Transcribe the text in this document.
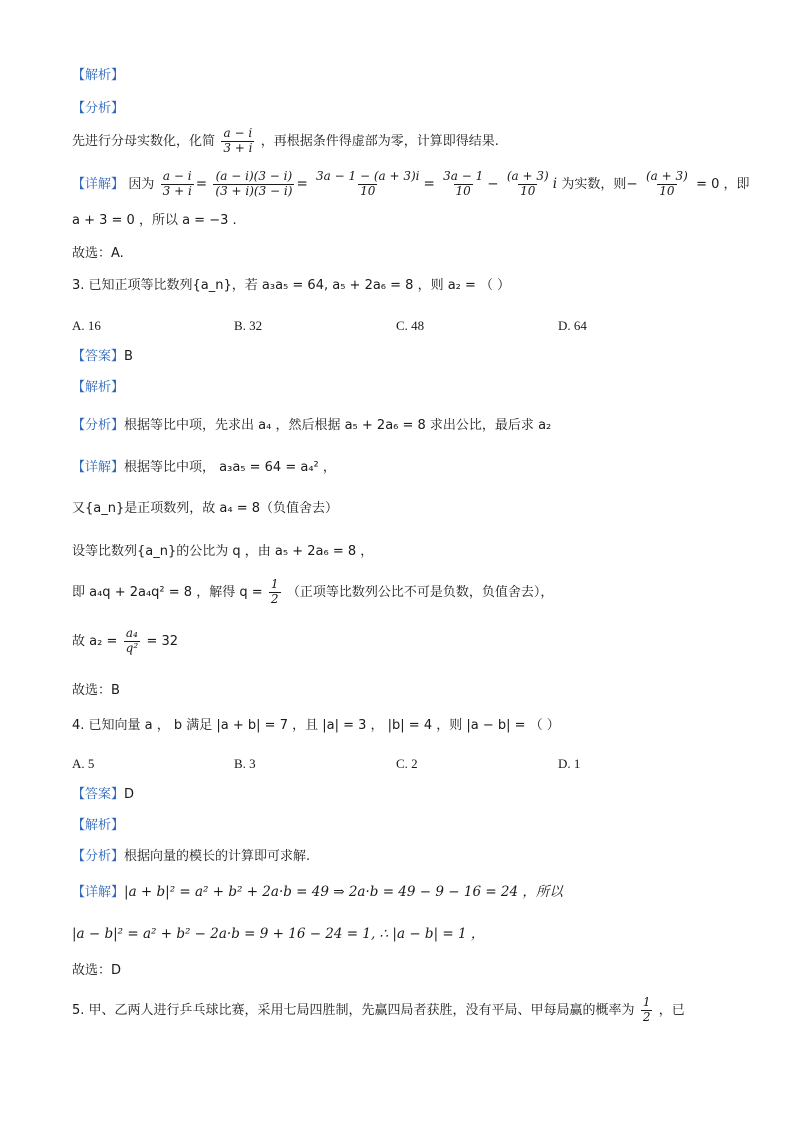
【解析】
【分析】
先进行分母实数化，化简 $\frac{a - i}{3 + i}$ ，再根据条件得虚部为零，计算即得结果.
【详解】 因为 $\frac{a - i}{3 + i} = \frac{(a - i)(3 - i)}{(3 + i)(3 - i)} = \frac{3a - 1 - (a + 3)i}{10} = \frac{3a - 1}{10} - \frac{(a + 3)}{10}$ i 为实数，则− $\frac{(a + 3)}{10} = 0$ ，即
a + 3 = 0 ，所以 a = −3 .
故选：A.
3. 已知正项等比数列{a_n}，若 a₃a₅ = 64, a₅ + 2a₆ = 8 ，则 a₂ = （ ）
A. 16	B. 32	C. 48	D. 64
【答案】B
【解析】
【分析】根据等比中项，先求出 a₄ ，然后根据 a₅ + 2a₆ = 8 求出公比，最后求 a₂
【详解】根据等比中项， a₃a₅ = 64 = a₄² ，
又{a_n}是正项数列，故 a₄ = 8（负值舍去）
设等比数列{a_n}的公比为 q ，由 a₅ + 2a₆ = 8 ，
即 a₄q + 2a₄q² = 8 ，解得 $q = \frac{1}{2}$ （正项等比数列公比不可是负数，负值舍去），
故 $a_2 = \frac{\text{a₄}}{\text{q²}} = 32$
故选：B
4. 已知向量 a ， b 满足 |a + b| = 7 ，且 |a| = 3 ， |b| = 4 ，则 |a − b| = （ ）
A. 5	B. 3	C. 2	D. 1
【答案】D
【解析】
【分析】根据向量的模长的计算即可求解.
【详解】|a + b|² = a² + b² + 2a·b = 49 ⇒ 2a·b = 49 − 9 − 16 = 24 ，所以
|a − b|² = a² + b² − 2a·b = 9 + 16 − 24 = 1, ∴ |a − b| = 1 ，
故选：D
5. 甲、乙两人进行乒乓球比赛，采用七局四胜制，先赢四局者获胜，没有平局、甲每局赢的概率为 $\frac{1}{2}$ ，已
